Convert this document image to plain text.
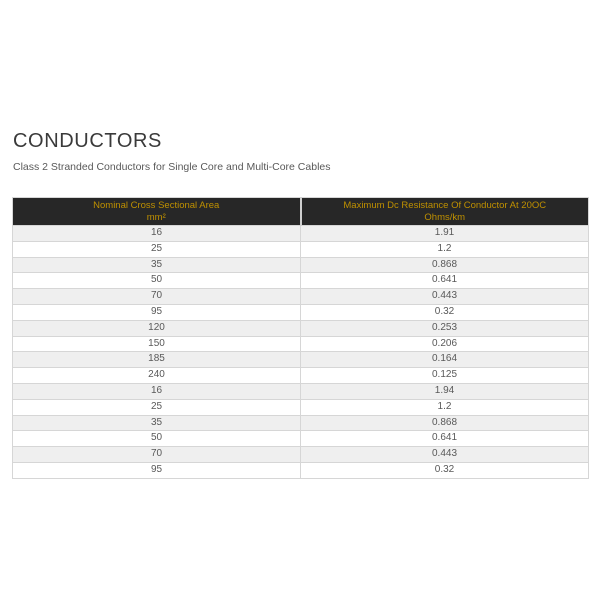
CONDUCTORS

Class 2 Stranded Conductors for Single Core and Multi-Core Cables

Nominal Cross Sectional Area
mm²

Maximum Dc Resistance Of Conductor At 20OC
Ohms/km

16	1.91
25	1.2
35	0.868
50	0.641
70	0.443
95	0.32
120	0.253
150	0.206
185	0.164
240	0.125
16	1.94
25	1.2
35	0.868
50	0.641
70	0.443
95	0.32
